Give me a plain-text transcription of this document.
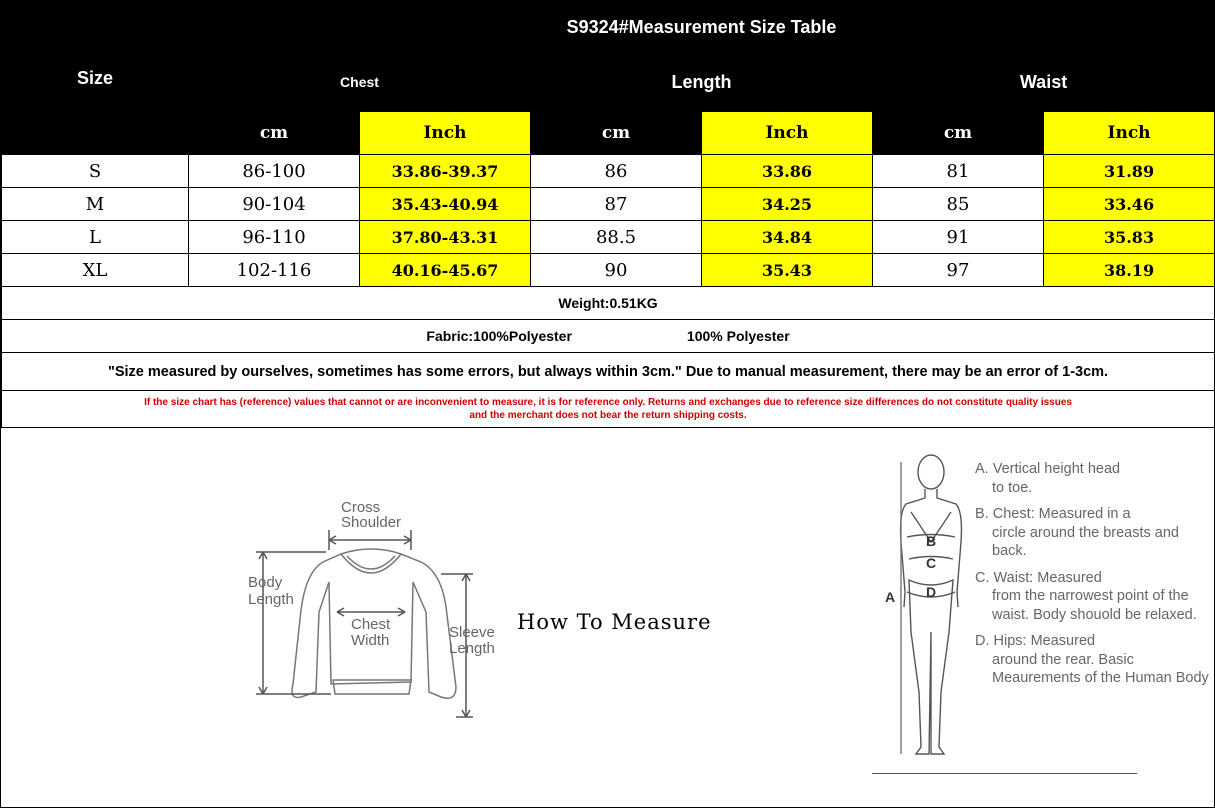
Size	S9324#Measurement Size Table					
	Chest		Length		Waist	
	cm	Inch	cm	Inch	cm	Inch
S	86-100	33.86-39.37	86	33.86	81	31.89
M	90-104	35.43-40.94	87	34.25	85	33.46
L	96-110	37.80-43.31	88.5	34.84	91	35.83
XL	102-116	40.16-45.67	90	35.43	97	38.19
Weight:0.51KG						
Fabric:100%Polyester 100% Polyester						
"Size measured by ourselves, sometimes has some errors, but always within 3cm." Due to manual measurement, there may be an error of 1-3cm.						

If the size chart has (reference) values that cannot or are inconvenient to measure, it is for reference only. Returns and exchanges due to reference size differences do not constitute quality issues
and the merchant does not bear the return shipping costs.						
Cross
Shoulder
Body
Length
Chest
Width	Sleeve
Length
B
C
D
A
How To Measure

A. Vertical height head
to toe.

B. Chest: Measured in a
circle around the breasts and back.

C. Waist: Measured
from the narrowest point of the waist. Body shouold be relaxed.

D. Hips: Measured
around the rear. Basic Meaurements of the Human Body
